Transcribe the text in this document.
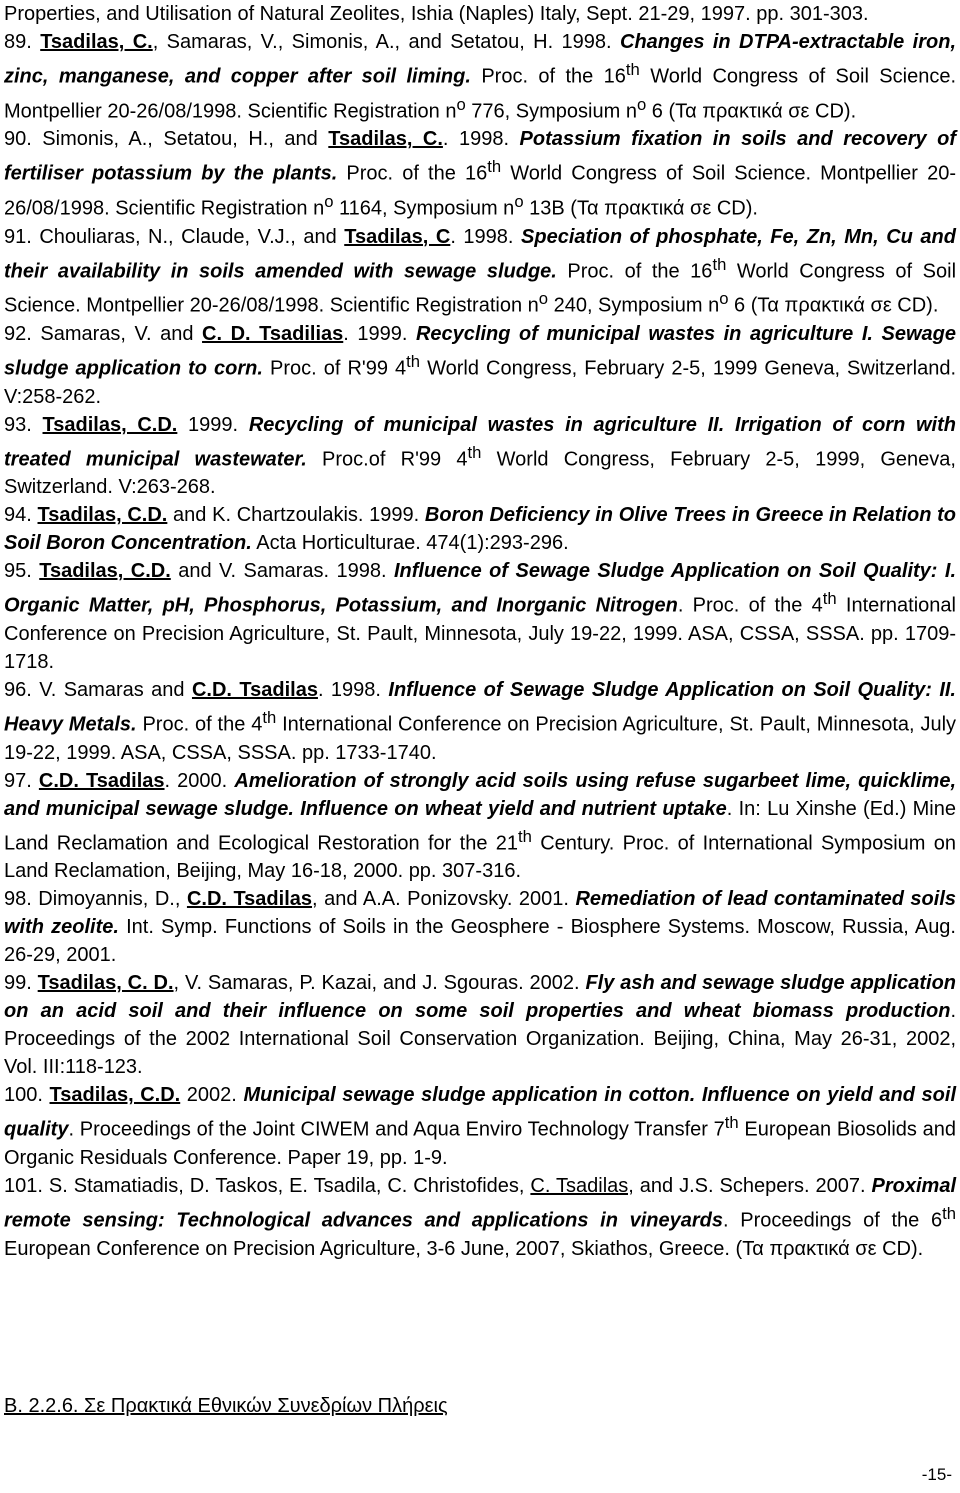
Properties, and Utilisation of Natural Zeolites, Ishia (Naples) Italy, Sept. 21-29, 1997. pp. 301-303.

89. Tsadilas, C., Samaras, V., Simonis, A., and Setatou, H. 1998. Changes in DTPA-extractable iron, zinc, manganese, and copper after soil liming. Proc. of the 16th World Congress of Soil Science. Montpellier 20-26/08/1998. Scientific Registration $n^o$ 776, Symposium $n^o$ 6 (Τα πρακτικά σε CD).

90. Simonis, A., Setatou, H., and Tsadilas, C.. 1998. Potassium fixation in soils and recovery of fertiliser potassium by the plants. Proc. of the 16th World Congress of Soil Science. Montpellier 20-26/08/1998. Scientific Registration $n^o$ 1164, Symposium $n^o$ 13B (Τα πρακτικά σε CD).

91. Chouliaras, N., Claude, V.J., and Tsadilas, C. 1998. Speciation of phosphate, Fe, Zn, Mn, Cu and their availability in soils amended with sewage sludge. Proc. of the 16th World Congress of Soil Science. Montpellier 20-26/08/1998. Scientific Registration $n^o$ 240, Symposium $n^o$ 6 (Τα πρακτικά σε CD).

92. Samaras, V. and C. D. Tsadilias. 1999. Recycling of municipal wastes in agriculture I. Sewage sludge application to corn. Proc. of R'99 4th World Congress, February 2-5, 1999 Geneva, Switzerland. V:258-262.

93. Tsadilas, C.D. 1999. Recycling of municipal wastes in agriculture II. Irrigation of corn with treated municipal wastewater. Proc.of R'99 4th World Congress, February 2-5, 1999, Geneva, Switzerland. V:263-268.

94. Tsadilas, C.D. and K. Chartzoulakis. 1999. Boron Deficiency in Olive Trees in Greece in Relation to Soil Boron Concentration. Acta Horticulturae. 474(1):293-296.

95. Tsadilas, C.D. and V. Samaras. 1998. Influence of Sewage Sludge Application on Soil Quality: I. Organic Matter, pH, Phosphorus, Potassium, and Inorganic Nitrogen. Proc. of the 4th International Conference on Precision Agriculture, St. Pault, Minnesota, July 19-22, 1999. ASA, CSSA, SSSA. pp. 1709-1718.

96. V. Samaras and C.D. Tsadilas. 1998. Influence of Sewage Sludge Application on Soil Quality: II. Heavy Metals. Proc. of the 4th International Conference on Precision Agriculture, St. Pault, Minnesota, July 19-22, 1999. ASA, CSSA, SSSA. pp. 1733-1740.

97. C.D. Tsadilas. 2000. Amelioration of strongly acid soils using refuse sugarbeet lime, quicklime, and municipal sewage sludge. Influence on wheat yield and nutrient uptake. In: Lu Xinshe (Ed.) Mine Land Reclamation and Ecological Restoration for the 21th Century. Proc. of International Symposium on Land Reclamation, Beijing, May 16-18, 2000. pp. 307-316.

98. Dimoyannis, D., C.D. Tsadilas, and A.A. Ponizovsky. 2001. Remediation of lead contaminated soils with zeolite. Int. Symp. Functions of Soils in the Geosphere - Biosphere Systems. Moscow, Russia, Aug. 26-29, 2001.

99. Tsadilas, C. D., V. Samaras, P. Kazai, and J. Sgouras. 2002. Fly ash and sewage sludge application on an acid soil and their influence on some soil properties and wheat biomass production. Proceedings of the 2002 International Soil Conservation Organization. Beijing, China, May 26-31, 2002, Vol. III:118-123.

100. Tsadilas, C.D. 2002. Municipal sewage sludge application in cotton. Influence on yield and soil quality. Proceedings of the Joint CIWEM and Aqua Enviro Technology Transfer 7th European Biosolids and Organic Residuals Conference. Paper 19, pp. 1-9.

101. S. Stamatiadis, D. Taskos, E. Tsadila, C. Christofides, C. Tsadilas, and J.S. Schepers. 2007. Proximal remote sensing: Technological advances and applications in vineyards. Proceedings of the 6th European Conference on Precision Agriculture, 3-6 June, 2007, Skiathos, Greece. (Τα πρακτικά σε CD).

Β. 2.2.6. Σε Πρακτικά Εθνικών Συνεδρίων Πλήρεις
-15-
